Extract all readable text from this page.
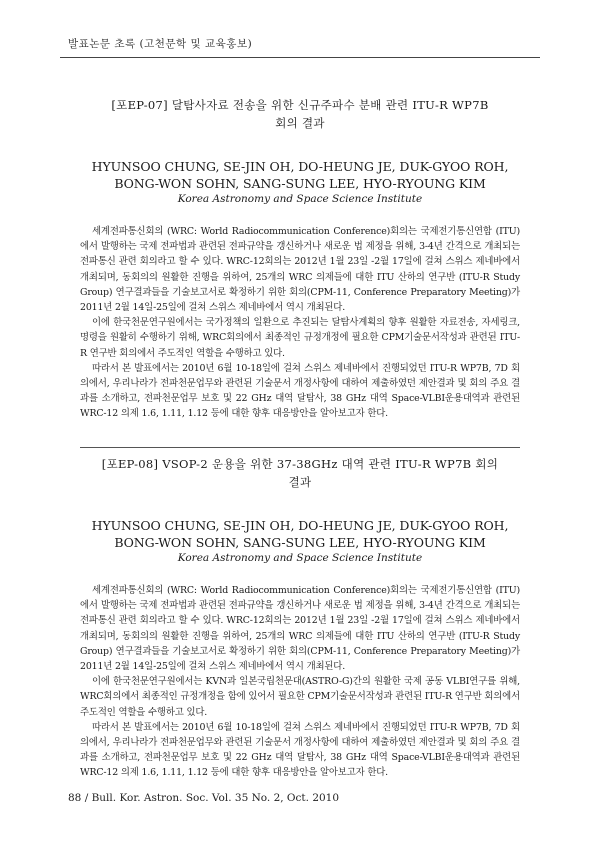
발표논문 초록 (고천문학 및 교육홍보)

[포EP-07] 달탐사자료 전송을 위한 신규주파수 분배 관련 ITU-R WP7B
회의 결과

HYUNSOO CHUNG, SE-JIN OH, DO-HEUNG JE, DUK-GYOO ROH,
BONG-WON SOHN, SANG-SUNG LEE, HYO-RYOUNG KIM

Korea Astronomy and Space Science Institute

세계전파통신회의 (WRC: World Radiocommunication Conference)회의는 국제전기통신연합 (ITU)에서 발행하는 국제 전파법과 관련된 전파규약을 갱신하거나 새로운 법 제정을 위해, 3-4년 간격으로 개최되는 전파통신 관련 회의라고 할 수 있다. WRC-12회의는 2012년 1월 23일 -2월 17일에 걸쳐 스위스 제네바에서 개최되며, 동회의의 원활한 진행을 위하여, 25개의 WRC 의제들에 대한 ITU 산하의 연구반 (ITU-R Study Group) 연구결과들을 기술보고서로 확정하기 위한 회의(CPM-11, Conference Preparatory Meeting)가 2011년 2월 14일-25일에 걸쳐 스위스 제네바에서 역시 개최된다.

이에 한국천문연구원에서는 국가정책의 일환으로 추진되는 달탐사계획의 향후 원활한 자료전송, 자세링크, 명령을 원활히 수행하기 위해, WRC회의에서 최종적인 규정개정에 필요한 CPM기술문서작성과 관련된 ITU-R 연구반 회의에서 주도적인 역할을 수행하고 있다.

따라서 본 발표에서는 2010년 6월 10-18일에 걸쳐 스위스 제네바에서 진행되었던 ITU-R WP7B, 7D 회의에서, 우리나라가 전파천문업무와 관련된 기술문서 개정사항에 대하여 제출하였던 제안결과 및 회의 주요 결과를 소개하고, 전파천문업무 보호 및 22 GHz 대역 달탐사, 38 GHz 대역 Space-VLBI운용대역과 관련된 WRC-12 의제 1.6, 1.11, 1.12 등에 대한 향후 대응방안을 알아보고자 한다.

[포EP-08] VSOP-2 운용을 위한 37-38GHz 대역 관련 ITU-R WP7B 회의
결과

HYUNSOO CHUNG, SE-JIN OH, DO-HEUNG JE, DUK-GYOO ROH,
BONG-WON SOHN, SANG-SUNG LEE, HYO-RYOUNG KIM

Korea Astronomy and Space Science Institute

세계전파통신회의 (WRC: World Radiocommunication Conference)회의는 국제전기통신연합 (ITU)에서 발행하는 국제 전파법과 관련된 전파규약을 갱신하거나 새로운 법 제정을 위해, 3-4년 간격으로 개최되는 전파통신 관련 회의라고 할 수 있다. WRC-12회의는 2012년 1월 23일 -2월 17일에 걸쳐 스위스 제네바에서 개최되며, 동회의의 원활한 진행을 위하여, 25개의 WRC 의제들에 대한 ITU 산하의 연구반 (ITU-R Study Group) 연구결과들을 기술보고서로 확정하기 위한 회의(CPM-11, Conference Preparatory Meeting)가 2011년 2월 14일-25일에 걸쳐 스위스 제네바에서 역시 개최된다.

이에 한국천문연구원에서는 KVN과 일본국립천문대(ASTRO-G)간의 원활한 국제 공동 VLBI연구를 위해, WRC회의에서 최종적인 규정개정을 함에 있어서 필요한 CPM기술문서작성과 관련된 ITU-R 연구반 회의에서 주도적인 역할을 수행하고 있다.

따라서 본 발표에서는 2010년 6월 10-18일에 걸쳐 스위스 제네바에서 진행되었던 ITU-R WP7B, 7D 회의에서, 우리나라가 전파천문업무와 관련된 기술문서 개정사항에 대하여 제출하였던 제안결과 및 회의 주요 결과를 소개하고, 전파천문업무 보호 및 22 GHz 대역 달탐사, 38 GHz 대역 Space-VLBI운용대역과 관련된 WRC-12 의제 1.6, 1.11, 1.12 등에 대한 향후 대응방안을 알아보고자 한다.

88 / Bull. Kor. Astron. Soc. Vol. 35 No. 2, Oct. 2010
